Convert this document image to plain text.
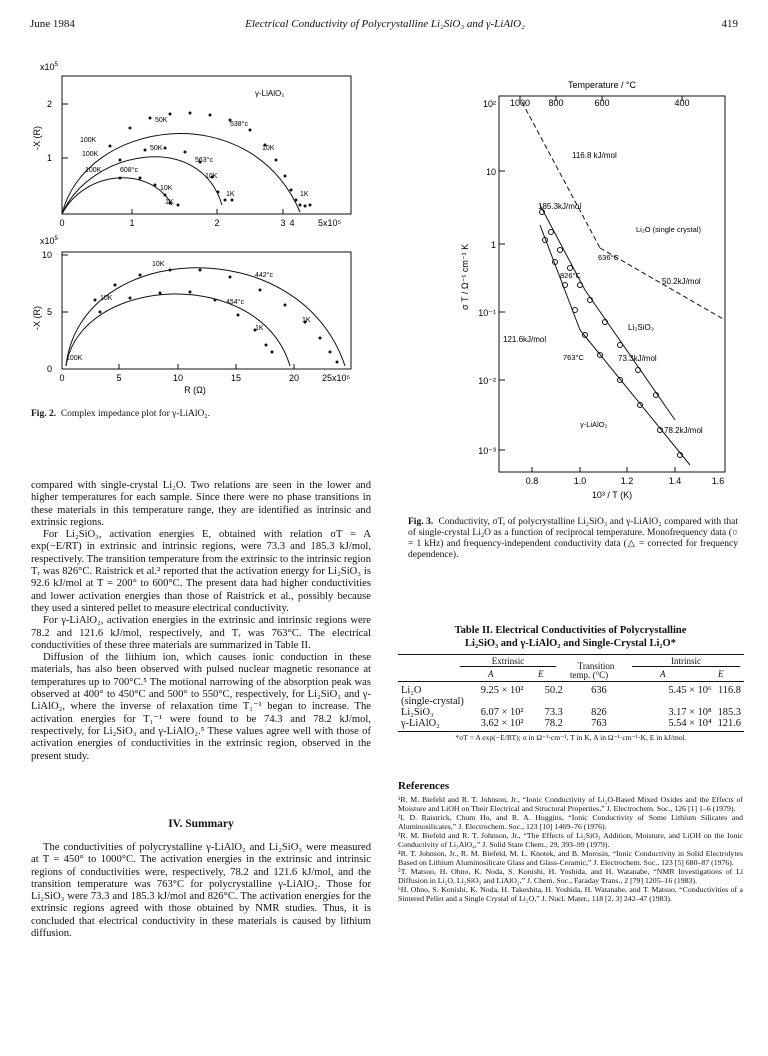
June 1984	Electrical Conductivity of Polycrystalline Li₂SiO₃ and γ-LiAlO₂	419
$x10^5$
2
1
-X (R)
0	1	2	3	5x10⁵
4
γ-LiAlO₂
50K
538°c
100K
100K
50K	10K
563°c
100K	608°c
10K
10K
1K
1K	1K
$x10^5$
10
5
0
-X (R)
0	5	10	15	20	25x10⁵
R (Ω)
10K
442°c
10K
454°c
1K
1K
100K
Temperature / °C
1000 800	600	400
10²
10
1
10⁻¹
10⁻²
10⁻³
σ T / Ω⁻¹ cm⁻¹ K
0.8	1.0	1.2	1.4	1.6
10³ / T (K)
116.8 kJ/mol
185.3kJ/mol
Li₂O (single crystal)
636°C
50.2kJ/mol
826°C
121.6kJ/mol
Li₂SiO₃
763°C	73.3kJ/mol
γ-LiAlO₂
78.2kJ/mol
Fig. 2. Complex impedance plot for γ-LiAlO₂.
Fig. 3. Conductivity, σT, of polycrystalline Li₂SiO₃ and γ-LiAlO₂ compared with that of single-crystal Li₂O as a function of reciprocal temperature. Monofrequency data (○ = 1 kHz) and frequency-independent conductivity data (△ = corrected for frequency dependence).

compared with single-crystal Li₂O. Two relations are seen in the lower and higher temperatures for each sample. Since there were no phase transitions in these materials in this temperature range, they are identified as intrinsic and extrinsic regions.

For Li₂SiO₃, activation energies E, obtained with relation σT = A exp(−E/RT) in extrinsic and intrinsic regions, were 73.3 and 185.3 kJ/mol, respectively. The transition temperature from the extrinsic to the intrinsic region Tᵣ was 826°C. Raistrick et al.² reported that the activation energy for Li₂SiO₃ is 92.6 kJ/mol at T = 200° to 600°C. The present data had higher conductivities and lower activation energies than those of Raistrick et al., possibly because they used a sintered pellet to measure electrical conductivity.

For γ-LiAlO₂, activation energies in the extrinsic and intrinsic regions were 78.2 and 121.6 kJ/mol, respectively, and Tᵣ was 763°C. The electrical conductivities of these three materials are summarized in Table II.

Diffusion of the lithium ion, which causes ionic conduction in these materials, has also been observed with pulsed nuclear magnetic resonance at temperatures up to 700°C.⁵ The motional narrowing of the absorption peak was observed at 400° to 450°C and 500° to 550°C, respectively, for Li₂SiO₃ and γ-LiAlO₂, where the inverse of relaxation time T₁⁻¹ began to increase. The activation energies for T₁⁻¹ were found to be 74.3 and 78.2 kJ/mol, respectively, for Li₂SiO₃ and γ-LiAlO₂.⁵ These values agree well with those of activation energies of conductivities in the extrinsic region, observed in the present study.

IV. Summary

The conductivities of polycrystalline γ-LiAlO₂ and Li₂SiO₃ were measured at T = 450° to 1000°C. The activation energies in the extrinsic and intrinsic regions of conductivities were, respectively, 78.2 and 121.6 kJ/mol, and the transition temperature was 763°C for polycrystalline γ-LiAlO₂. Those for Li₂SiO₃ were 73.3 and 185.3 kJ/mol and 826°C. The activation energies for the extrinsic regions agreed with those obtained by NMR studies. Thus, it is concluded that electrical conductivity in these materials is caused by lithium diffusion.

Table II. Electrical Conductivities of Polycrystalline
Li₂SiO₃ and γ-LiAlO₂ and Single-Crystal Li₂O*
Extrinsic	Transition	Intrinsic
A	E	temp. (°C)	A	E
Li₂O	9.25 × 10²	50.2	636	5.45 × 10⁶	116.8
(single-crystal)					
Li₂SiO₃	6.07 × 10²	73.3	826	3.17 × 10⁸	185.3
γ-LiAlO₂	3.62 × 10²	78.2	763	5.54 × 10⁴	121.6
*σT = A exp(−E/RT); σ in Ω⁻¹·cm⁻¹, T in K, A in Ω⁻¹·cm⁻¹·K, E in kJ/mol.
References

¹R. M. Biefeld and R. T. Johnson, Jr., “Ionic Conductivity of Li₂O-Based Mixed Oxides and the Effects of Moisture and LiOH on Their Electrical and Structural Properties,” J. Electrochem. Soc., 126 [1] 1–6 (1979).

²I. D. Raistrick, Chum Ho, and R. A. Huggins, “Ionic Conductivity of Some Lithium Silicates and Aluminosilicates,” J. Electrochem. Soc., 123 [10] 1469–76 (1976).

³R. M. Biefeld and R. T. Johnson, Jr., “The Effects of Li₂SiO₃ Addition, Moisture, and LiOH on the Ionic Conductivity of Li₅AlO₄,” J. Solid State Chem., 29, 393–99 (1979).

⁴R. T. Johnson, Jr., R. M. Biefeld, M. L. Knotek, and B. Morosin, “Ionic Conductivity in Solid Electrolytes Based on Lithium Aluminosilicate Glass and Glass-Ceramic,” J. Electrochem. Soc., 123 [5] 680–87 (1976).

⁵T. Matsuo, H. Ohno, K. Noda, S. Konishi, H. Yoshida, and H. Watanabe, “NMR Investigations of Li Diffusion in Li₂O, Li₂SiO₃ and LiAlO₂,” J. Chem. Soc., Faraday Trans., 2 [79] 1205–16 (1983).

⁶H. Ohno, S. Konishi, K. Noda, H. Takeshita, H. Yoshida, H. Watanabe, and T. Matsuo, “Conductivities of a Sintered Pellet and a Single Crystal of Li₂O,” J. Nucl. Mater., 118 [2, 3] 242–47 (1983).
